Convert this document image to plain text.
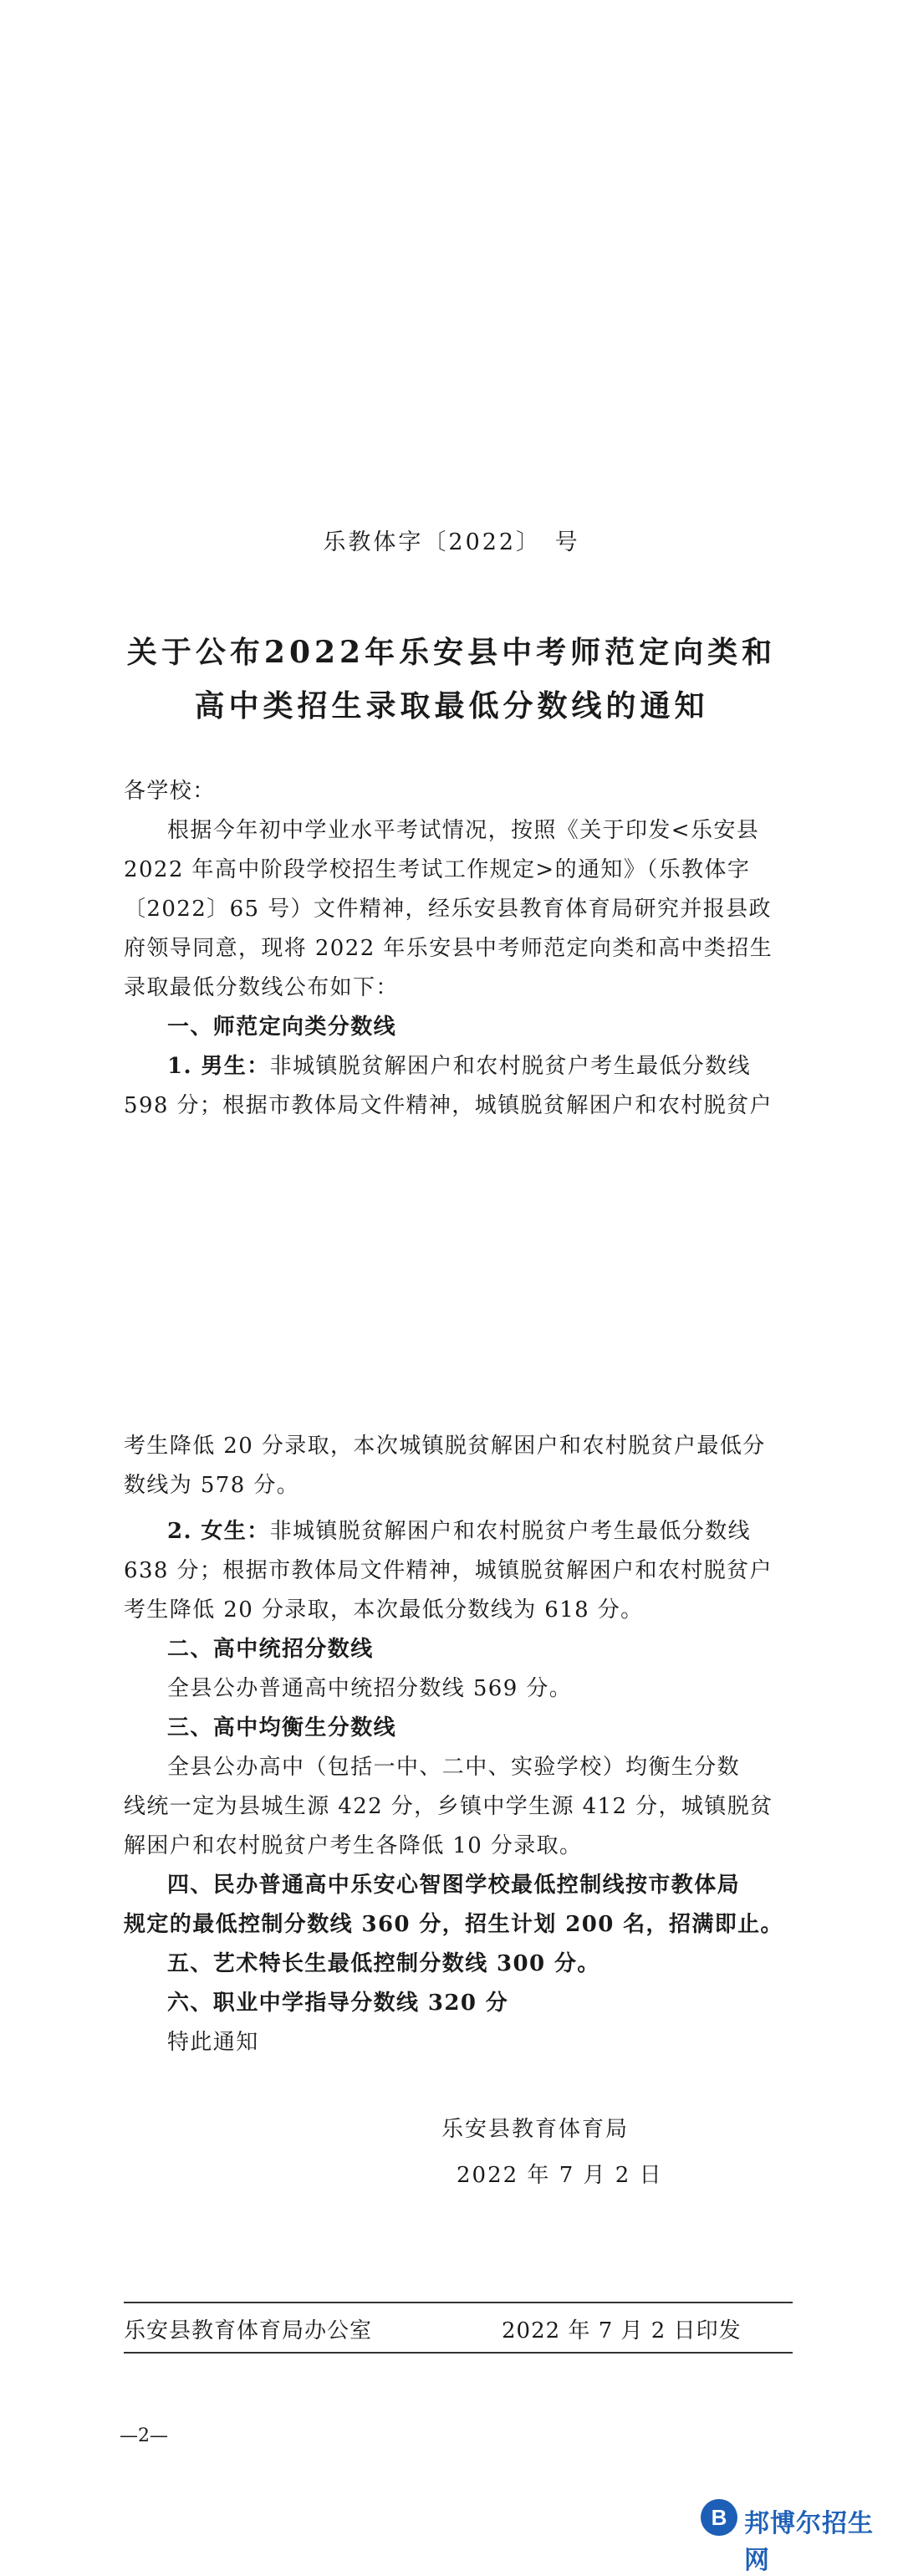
乐教体字〔2022〕　号
关于公布2022年乐安县中考师范定向类和
高中类招生录取最低分数线的通知
各学校：
根据今年初中学业水平考试情况，按照《关于印发<乐安县
2022 年高中阶段学校招生考试工作规定>的通知》（乐教体字
〔2022〕65 号）文件精神，经乐安县教育体育局研究并报县政
府领导同意，现将 2022 年乐安县中考师范定向类和高中类招生
录取最低分数线公布如下：
一、师范定向类分数线
1. 男生：非城镇脱贫解困户和农村脱贫户考生最低分数线
598 分；根据市教体局文件精神，城镇脱贫解困户和农村脱贫户
考生降低 20 分录取，本次城镇脱贫解困户和农村脱贫户最低分
数线为 578 分。
2. 女生：非城镇脱贫解困户和农村脱贫户考生最低分数线
638 分；根据市教体局文件精神，城镇脱贫解困户和农村脱贫户
考生降低 20 分录取，本次最低分数线为 618 分。
二、高中统招分数线
全县公办普通高中统招分数线 569 分。
三、高中均衡生分数线
全县公办高中（包括一中、二中、实验学校）均衡生分数
线统一定为县城生源 422 分，乡镇中学生源 412 分，城镇脱贫
解困户和农村脱贫户考生各降低 10 分录取。
四、民办普通高中乐安心智图学校最低控制线按市教体局
规定的最低控制分数线 360 分，招生计划 200 名，招满即止。
五、艺术特长生最低控制分数线 300 分。
六、职业中学指导分数线 320 分
特此通知
乐安县教育体育局
2022 年 7 月 2 日
乐安县教育体育局办公室	2022 年 7 月 2 日印发
—2—
B 邦博尔招生网
